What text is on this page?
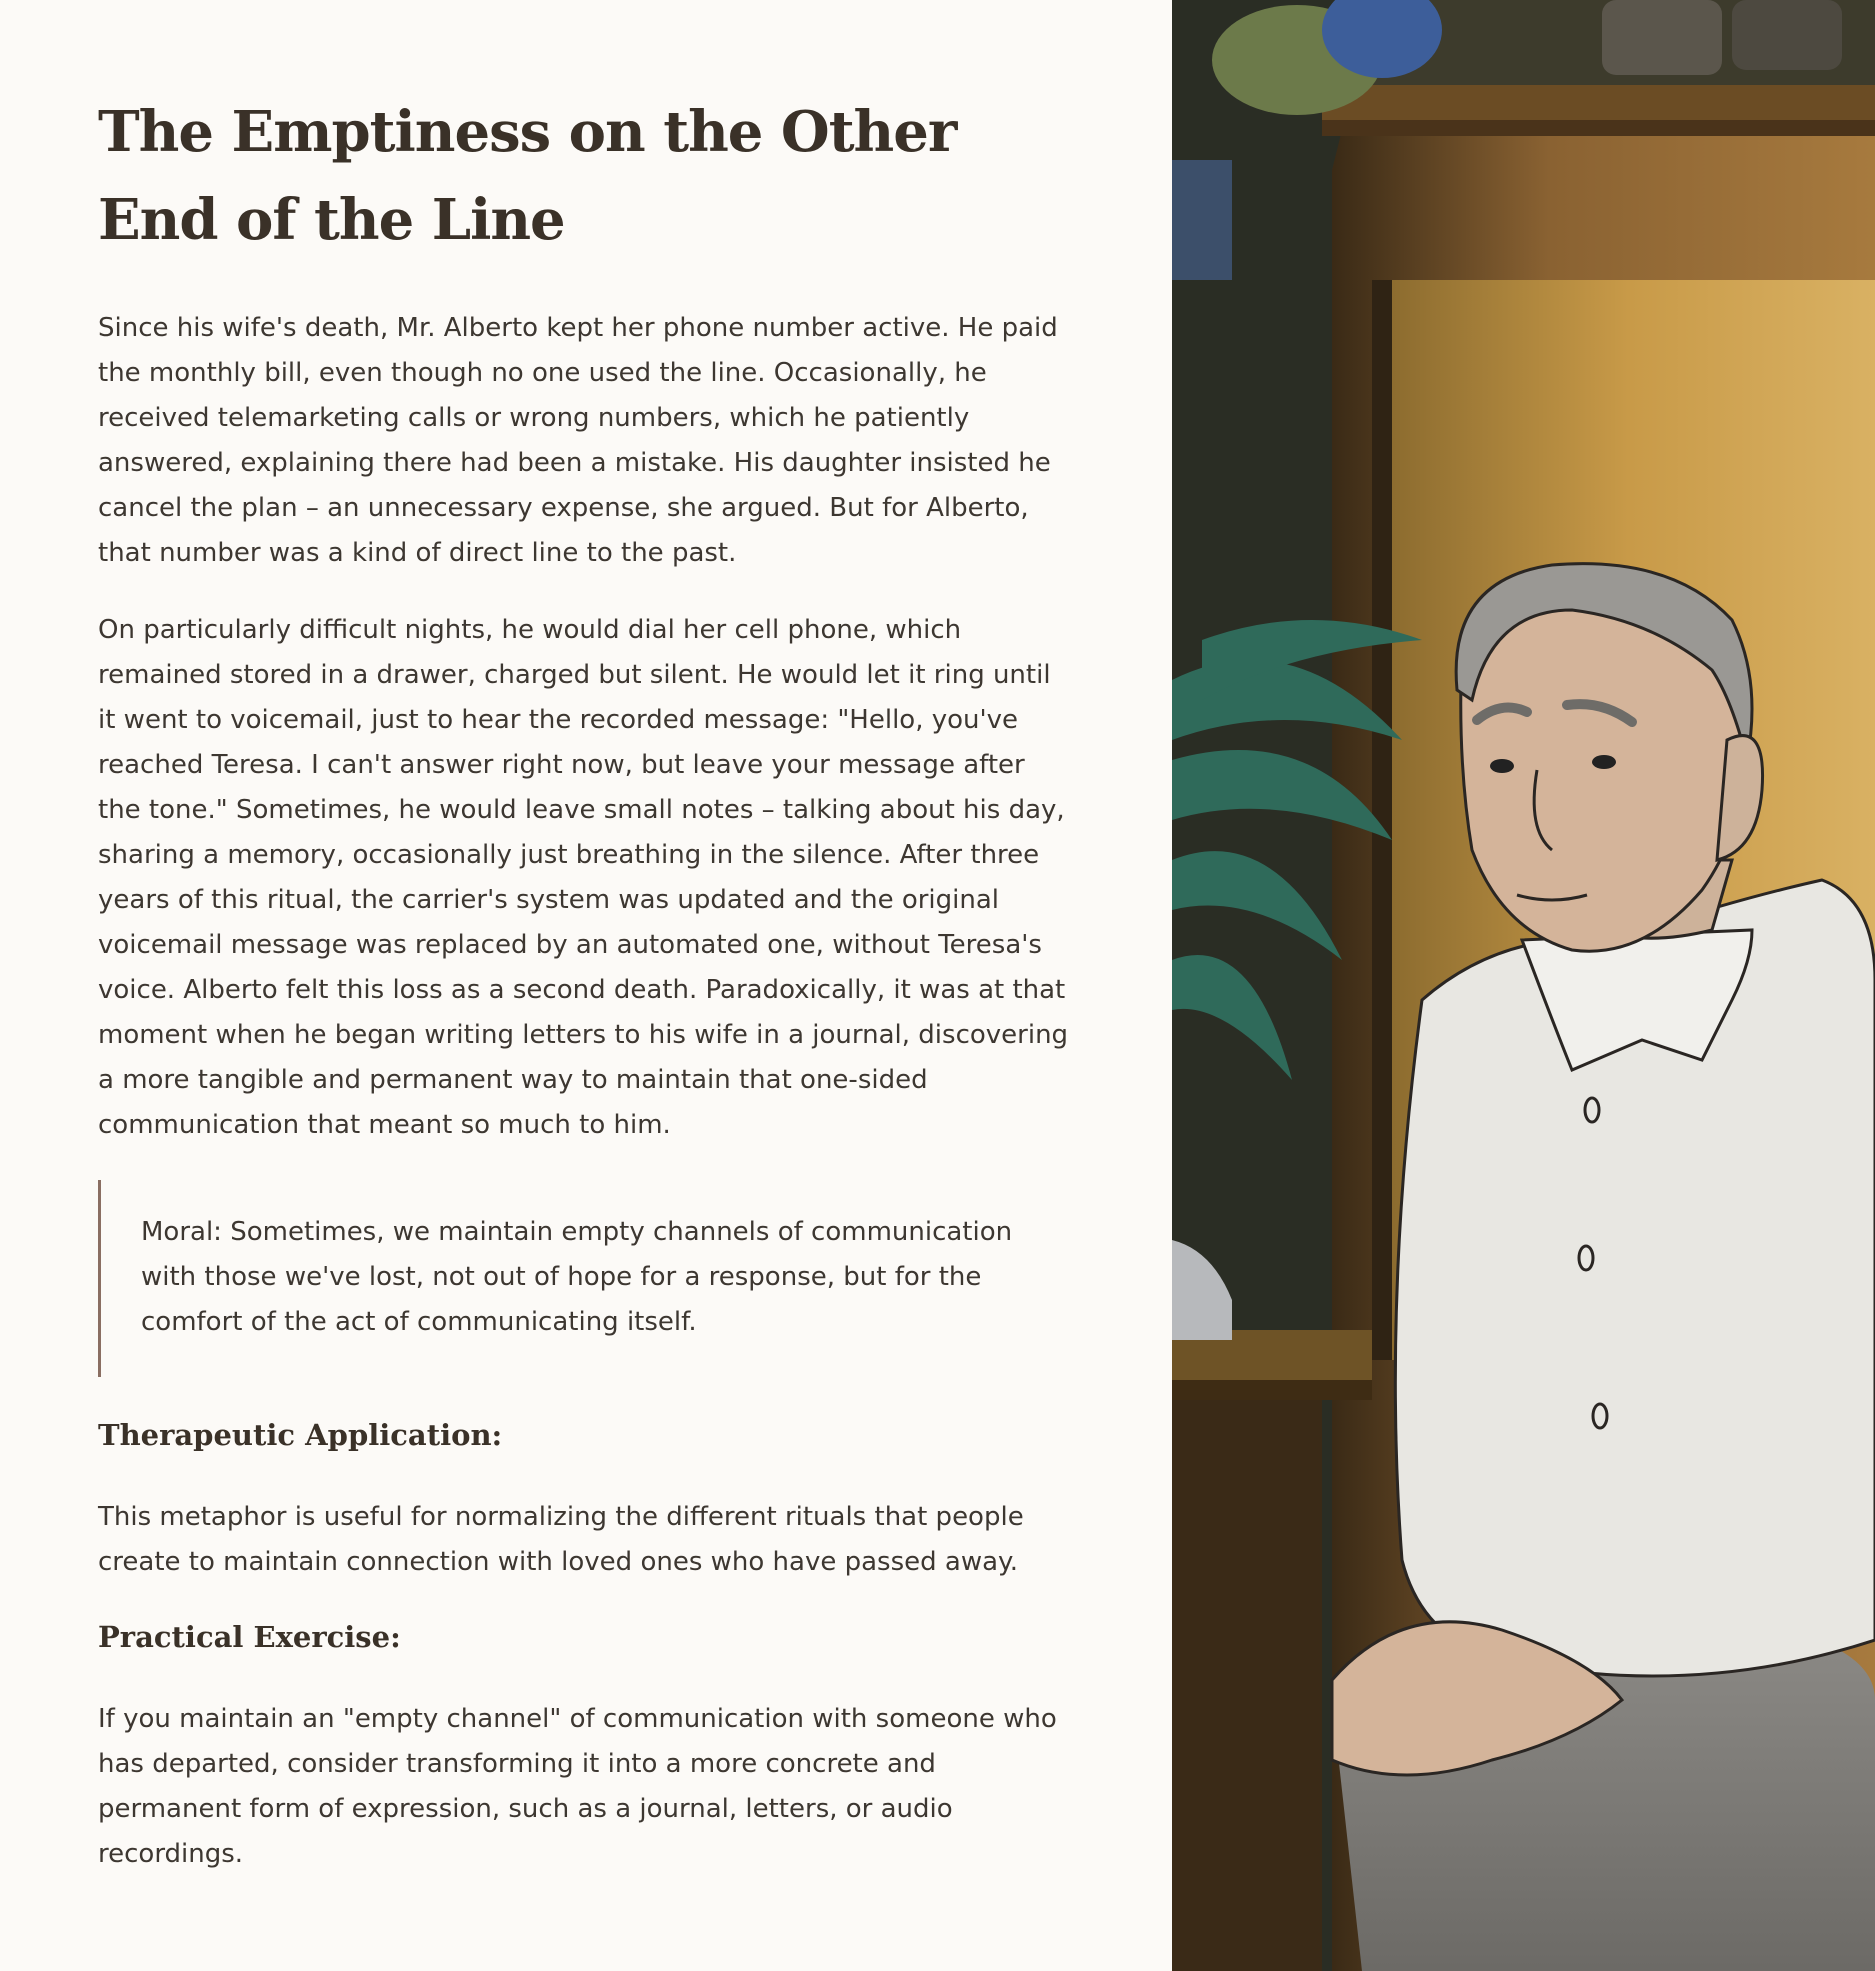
The Emptiness on the Other End of the Line

Since his wife's death, Mr. Alberto kept her phone number active. He paid the monthly bill, even though no one used the line. Occasionally, he received telemarketing calls or wrong numbers, which he patiently answered, explaining there had been a mistake. His daughter insisted he cancel the plan – an unnecessary expense, she argued. But for Alberto, that number was a kind of direct line to the past.

On particularly difficult nights, he would dial her cell phone, which remained stored in a drawer, charged but silent. He would let it ring until it went to voicemail, just to hear the recorded message: "Hello, you've reached Teresa. I can't answer right now, but leave your message after the tone." Sometimes, he would leave small notes – talking about his day, sharing a memory, occasionally just breathing in the silence. After three years of this ritual, the carrier's system was updated and the original voicemail message was replaced by an automated one, without Teresa's voice. Alberto felt this loss as a second death. Paradoxically, it was at that moment when he began writing letters to his wife in a journal, discovering a more tangible and permanent way to maintain that one-sided communication that meant so much to him.

Moral: Sometimes, we maintain empty channels of communication with those we've lost, not out of hope for a response, but for the comfort of the act of communicating itself.

Therapeutic Application:

This metaphor is useful for normalizing the different rituals that people create to maintain connection with loved ones who have passed away.

Practical Exercise:

If you maintain an "empty channel" of communication with someone who has departed, consider transforming it into a more concrete and permanent form of expression, such as a journal, letters, or audio recordings.
